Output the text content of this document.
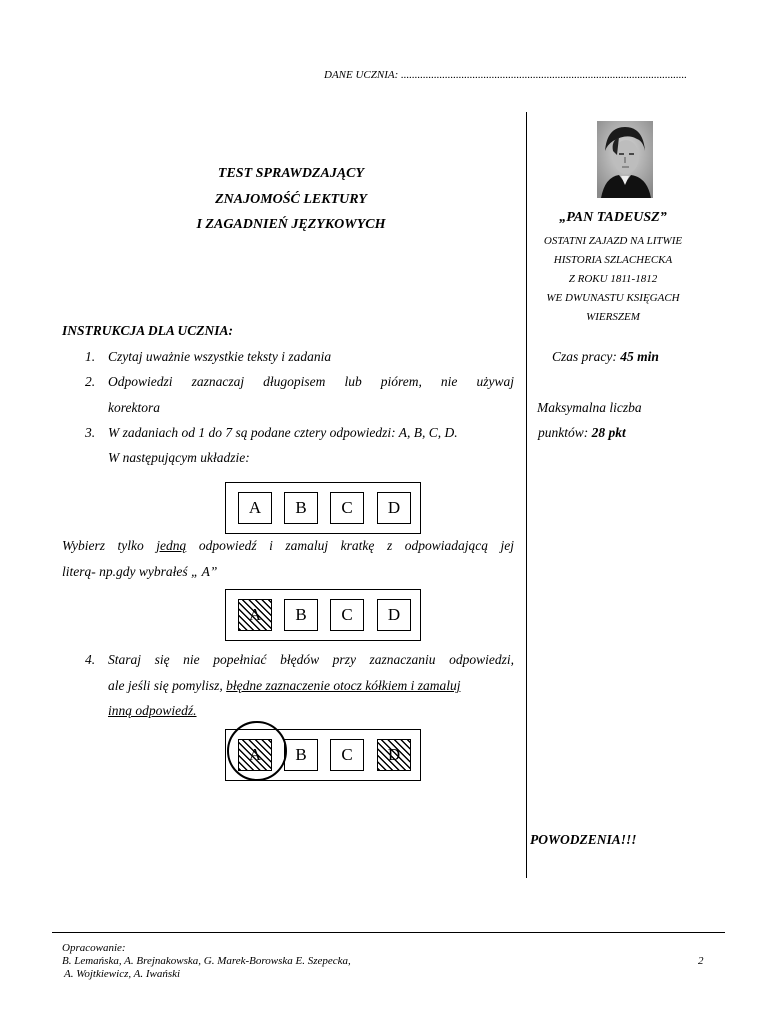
DANE UCZNIA: ........................................................................................................
TEST SPRAWDZAJĄCY
ZNAJOMOŚĆ LEKTURY
I ZAGADNIEŃ JĘZYKOWYCH	„PAN TADEUSZ”
OSTATNI ZAJAZD NA LITWIE
HISTORIA SZLACHECKA
Z ROKU 1811-1812
WE DWUNASTU KSIĘGACH
WIERSZEM
Czas pracy: 45 min
Maksymalna liczba
punktów: 28 pkt
POWODZENIA!!!
INSTRUKCJA DLA UCZNIA:
1. Czytaj uważnie wszystkie teksty i zadania
2. Odpowiedzi zaznaczaj długopisem lub piórem, nie używaj
korektora
3. W zadaniach od 1 do 7 są podane cztery odpowiedzi: A, B, C, D.
W następującym układzie:
A	B	C	D
Wybierz tylko jedną odpowiedź i zamaluj kratkę z odpowiadającą jej
literą- np.gdy wybrałeś „ A”
A	B	C	D
4. Staraj się nie popełniać błędów przy zaznaczaniu odpowiedzi,
ale jeśli się pomylisz, błędne zaznaczenie otocz kółkiem i zamaluj
inną odpowiedź.
A	B	C	D
Opracowanie:
B. Lemańska, A. Brejnakowska, G. Marek-Borowska E. Szepecka,
A. Wojtkiewicz, A. Iwański
2
